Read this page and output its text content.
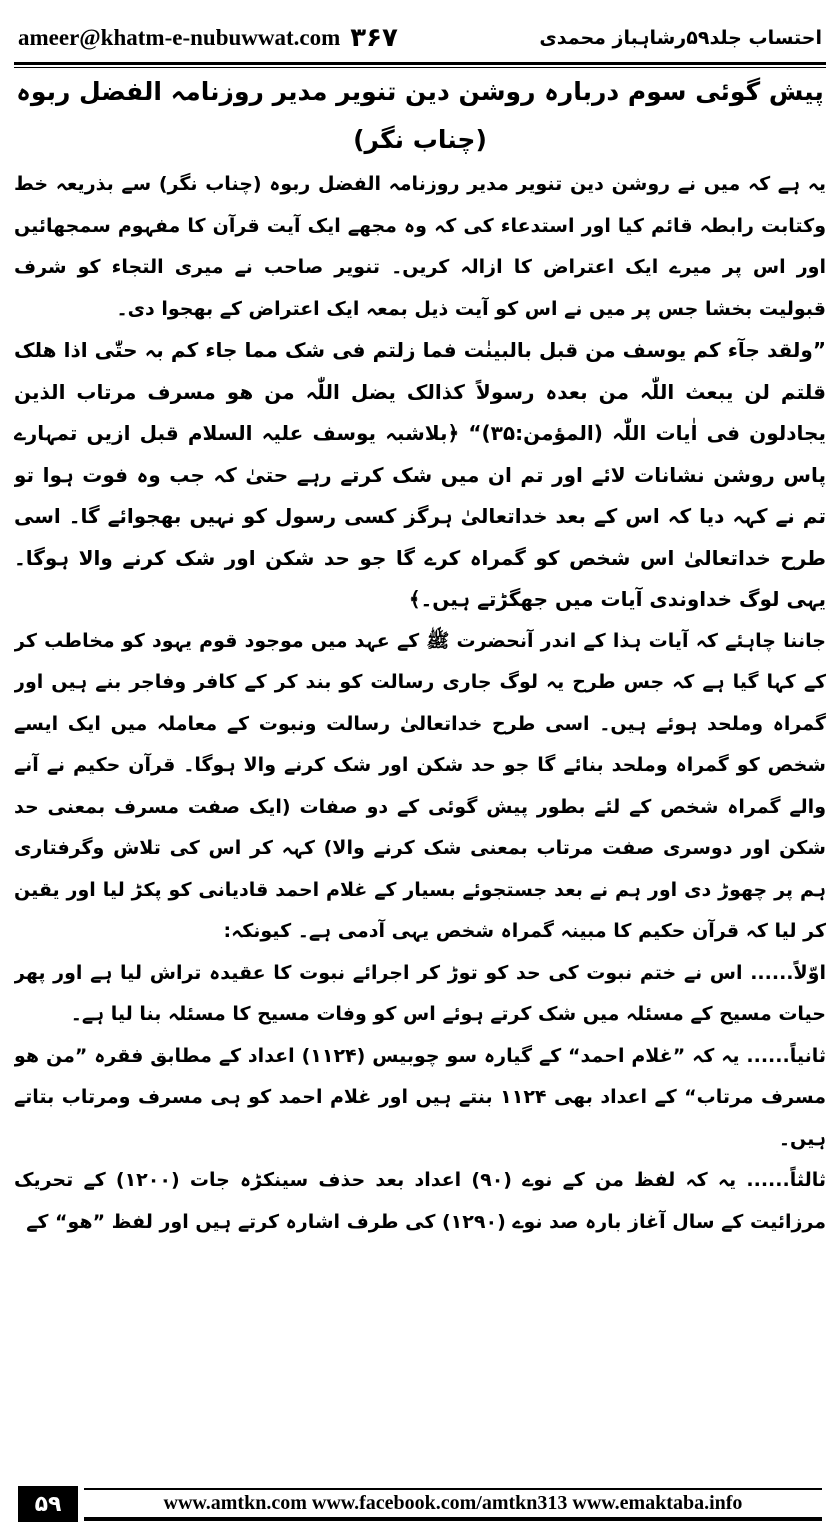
ameer@khatm-e-nubuwwat.com ۳۶۷	احتساب جلد۵۹رشاہباز محمدی

پیش گوئی سوم دربارہ روشن دین تنویر مدیر روزنامہ الفضل ربوہ (چناب نگر)

یہ ہے کہ میں نے روشن دین تنویر مدیر روزنامہ الفضل ربوہ (چناب نگر) سے بذریعہ خط وکتابت رابطہ قائم کیا اور استدعاء کی کہ وہ مجھے ایک آیت قرآن کا مفہوم سمجھائیں اور اس پر میرے ایک اعتراض کا ازالہ کریں۔ تنویر صاحب نے میری التجاء کو شرف قبولیت بخشا جس پر میں نے اس کو آیت ذیل بمعہ ایک اعتراض کے بھجوا دی۔

”ولقد جآء کم یوسف من قبل بالبینٰت فما زلتم فی شک مما جاء کم بہ حتّٰی اذا ھلک قلتم لن یبعث اللّٰہ من بعدہ رسولاً کذالک یضل اللّٰہ من ھو مسرف مرتاب الذین یجادلون فی اٰیات اللّٰہ (المؤمن:۳۵)“ ﴿بلاشبہ یوسف علیہ السلام قبل ازیں تمہارے پاس روشن نشانات لائے اور تم ان میں شک کرتے رہے حتیٰ کہ جب وہ فوت ہوا تو تم نے کہہ دیا کہ اس کے بعد خداتعالیٰ ہرگز کسی رسول کو نہیں بھجوائے گا۔ اسی طرح خداتعالیٰ اس شخص کو گمراہ کرے گا جو حد شکن اور شک کرنے والا ہوگا۔ یہی لوگ خداوندی آیات میں جھگڑتے ہیں۔﴾

جاننا چاہئے کہ آیات ہذا کے اندر آنحضرت ﷺ کے عہد میں موجود قوم یہود کو مخاطب کر کے کہا گیا ہے کہ جس طرح یہ لوگ جاری رسالت کو بند کر کے کافر وفاجر بنے ہیں اور گمراہ وملحد ہوئے ہیں۔ اسی طرح خداتعالیٰ رسالت ونبوت کے معاملہ میں ایک ایسے شخص کو گمراہ وملحد بنائے گا جو حد شکن اور شک کرنے والا ہوگا۔ قرآن حکیم نے آنے والے گمراہ شخص کے لئے بطور پیش گوئی کے دو صفات (ایک صفت مسرف بمعنی حد شکن اور دوسری صفت مرتاب بمعنی شک کرنے والا) کہہ کر اس کی تلاش وگرفتاری ہم پر چھوڑ دی اور ہم نے بعد جستجوئے بسیار کے غلام احمد قادیانی کو پکڑ لیا اور یقین کر لیا کہ قرآن حکیم کا مبینہ گمراہ شخص یہی آدمی ہے۔ کیونکہ:

اوّلاً...... اس نے ختم نبوت کی حد کو توڑ کر اجرائے نبوت کا عقیدہ تراش لیا ہے اور پھر حیات مسیح کے مسئلہ میں شک کرتے ہوئے اس کو وفات مسیح کا مسئلہ بنا لیا ہے۔

ثانیاً...... یہ کہ ”غلام احمد“ کے گیارہ سو چوبیس (۱۱۲۴) اعداد کے مطابق فقرہ ”من ھو مسرف مرتاب“ کے اعداد بھی ۱۱۲۴ بنتے ہیں اور غلام احمد کو ہی مسرف ومرتاب بتاتے ہیں۔

ثالثاً...... یہ کہ لفظ من کے نوے (۹۰) اعداد بعد حذف سینکڑہ جات (۱۲۰۰) کے تحریک مرزائیت کے سال آغاز بارہ صد نوے (۱۲۹۰) کی طرف اشارہ کرتے ہیں اور لفظ ”ھو“ کے

۵۹	www.amtkn.com www.facebook.com/amtkn313 www.emaktaba.info
